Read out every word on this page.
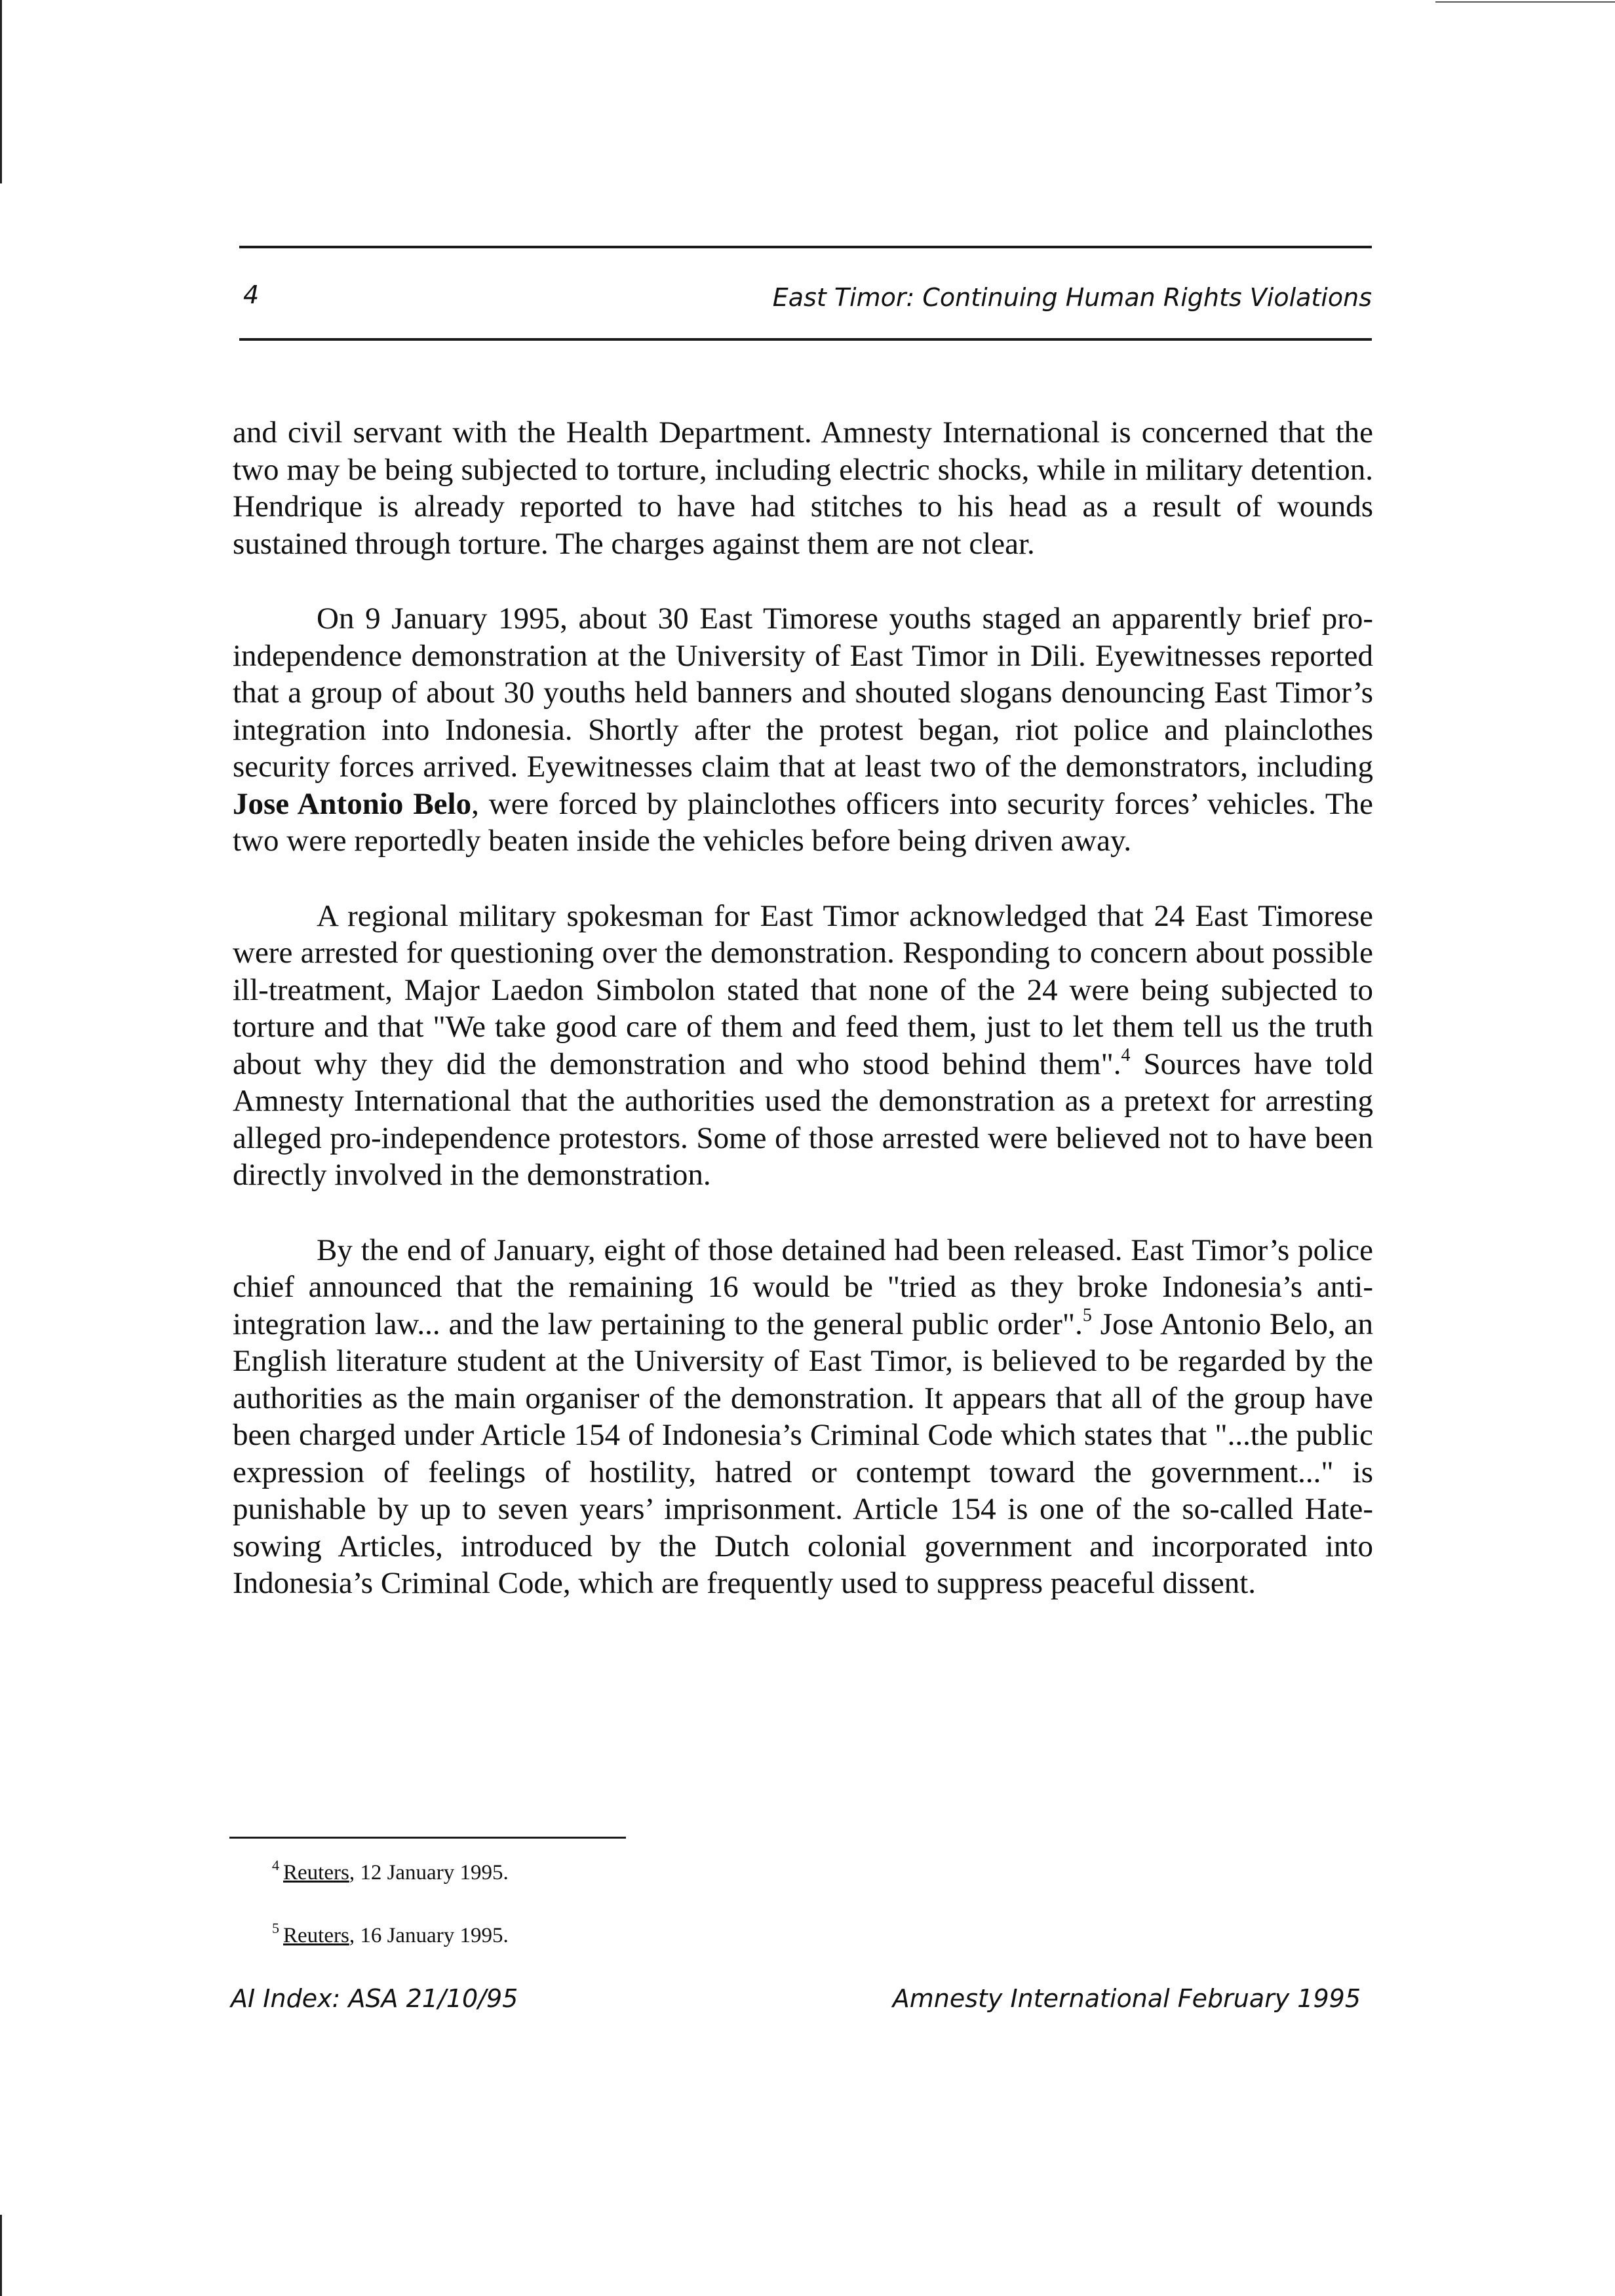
4	East Timor: Continuing Human Rights Violations

and civil servant with the Health Department. Amnesty International is concerned that the two may be being subjected to torture, including electric shocks, while in military detention. Hendrique is already reported to have had stitches to his head as a result of wounds sustained through torture. The charges against them are not clear.

On 9 January 1995, about 30 East Timorese youths staged an apparently brief pro-independence demonstration at the University of East Timor in Dili. Eyewitnesses reported that a group of about 30 youths held banners and shouted slogans denouncing East Timor’s integration into Indonesia. Shortly after the protest began, riot police and plainclothes security forces arrived. Eyewitnesses claim that at least two of the demonstrators, including Jose Antonio Belo, were forced by plainclothes officers into security forces’ vehicles. The two were reportedly beaten inside the vehicles before being driven away.

A regional military spokesman for East Timor acknowledged that 24 East Timorese were arrested for questioning over the demonstration. Responding to concern about possible ill-treatment, Major Laedon Simbolon stated that none of the 24 were being subjected to torture and that "We take good care of them and feed them, just to let them tell us the truth about why they did the demonstration and who stood behind them".$^4$ Sources have told Amnesty International that the authorities used the demonstration as a pretext for arresting alleged pro-independence protestors. Some of those arrested were believed not to have been directly involved in the demonstration.

By the end of January, eight of those detained had been released. East Timor’s police chief announced that the remaining 16 would be "tried as they broke Indonesia’s anti-integration law... and the law pertaining to the general public order".$^5$ Jose Antonio Belo, an English literature student at the University of East Timor, is believed to be regarded by the authorities as the main organiser of the demonstration. It appears that all of the group have been charged under Article 154 of Indonesia’s Criminal Code which states that "...the public expression of feelings of hostility, hatred or contempt toward the government..." is punishable by up to seven years’ imprisonment. Article 154 is one of the so-called Hate-sowing Articles, introduced by the Dutch colonial government and incorporated into Indonesia’s Criminal Code, which are frequently used to suppress peaceful dissent.

$^4$ Reuters, 12 January 1995.
$^5$ Reuters, 16 January 1995.
AI Index: ASA 21/10/95	Amnesty International February 1995
